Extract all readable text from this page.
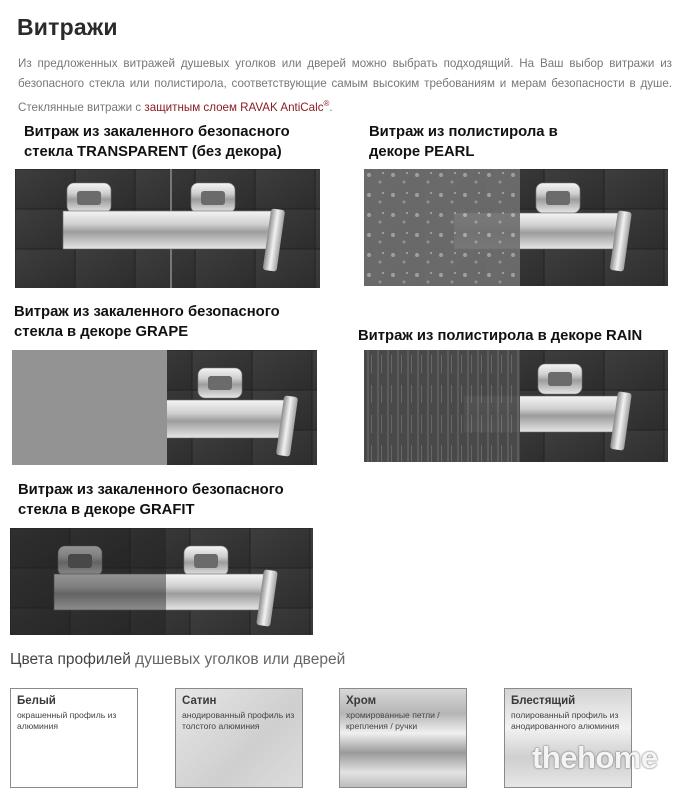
Витражи

Из предложенных витражей душевых уголков или дверей можно выбрать подходящий. На Ваш выбор витражи из безопасного стекла или полистирола, соответствующие самым высоким требованиям и мерам безопасности в душе. Стеклянные витражи с защитным слоем RAVAK AntiCalc®.

Витраж из закаленного безопасного
стекла TRANSPARENT (без декора)
Витраж из полистирола в
декоре PEARL
Витраж из закаленного безопасного
стекла в декоре GRAPE	Витраж из полистирола в декоре RAIN
Витраж из закаленного безопасного
стекла в декоре GRAFIT
Цвета профилей душевых уголков или дверей
Белый
окрашенный профиль из алюминия
Сатин
анодированный профиль из толстого алюминия
Хром
хромированные петли / крепления / ручки
Блестящий
полированный профиль из анодированного алюминия
thehome
